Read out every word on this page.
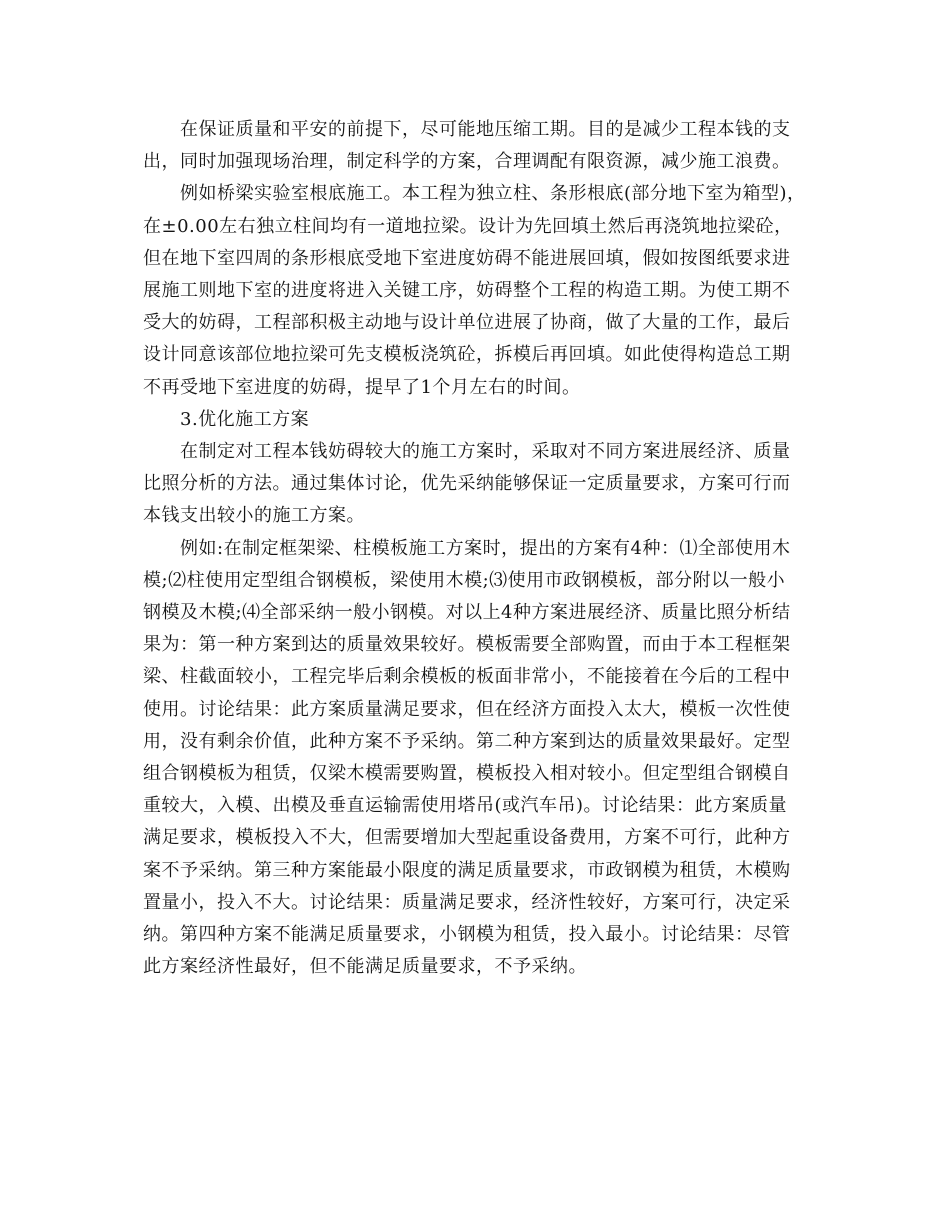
在保证质量和平安的前提下，尽可能地压缩工期。目的是减少工程本钱的支
出，同时加强现场治理，制定科学的方案，合理调配有限资源，减少施工浪费。

例如桥梁实验室根底施工。本工程为独立柱、条形根底(部分地下室为箱型)，
在±0.00左右独立柱间均有一道地拉梁。设计为先回填土然后再浇筑地拉梁砼，
但在地下室四周的条形根底受地下室进度妨碍不能进展回填，假如按图纸要求进
展施工则地下室的进度将进入关键工序，妨碍整个工程的构造工期。为使工期不
受大的妨碍，工程部积极主动地与设计单位进展了协商，做了大量的工作，最后
设计同意该部位地拉梁可先支模板浇筑砼，拆模后再回填。如此使得构造总工期
不再受地下室进度的妨碍，提早了1个月左右的时间。

3.优化施工方案

在制定对工程本钱妨碍较大的施工方案时，采取对不同方案进展经济、质量
比照分析的方法。通过集体讨论，优先采纳能够保证一定质量要求，方案可行而
本钱支出较小的施工方案。

例如:在制定框架梁、柱模板施工方案时，提出的方案有4种：⑴全部使用木
模;⑵柱使用定型组合钢模板，梁使用木模;⑶使用市政钢模板，部分附以一般小
钢模及木模;⑷全部采纳一般小钢模。对以上4种方案进展经济、质量比照分析结
果为：第一种方案到达的质量效果较好。模板需要全部购置，而由于本工程框架
梁、柱截面较小，工程完毕后剩余模板的板面非常小，不能接着在今后的工程中
使用。讨论结果：此方案质量满足要求，但在经济方面投入太大，模板一次性使
用，没有剩余价值，此种方案不予采纳。第二种方案到达的质量效果最好。定型
组合钢模板为租赁，仅梁木模需要购置，模板投入相对较小。但定型组合钢模自
重较大，入模、出模及垂直运输需使用塔吊(或汽车吊)。讨论结果：此方案质量
满足要求，模板投入不大，但需要增加大型起重设备费用，方案不可行，此种方
案不予采纳。第三种方案能最小限度的满足质量要求，市政钢模为租赁，木模购
置量小，投入不大。讨论结果：质量满足要求，经济性较好，方案可行，决定采
纳。第四种方案不能满足质量要求，小钢模为租赁，投入最小。讨论结果：尽管
此方案经济性最好，但不能满足质量要求，不予采纳。
